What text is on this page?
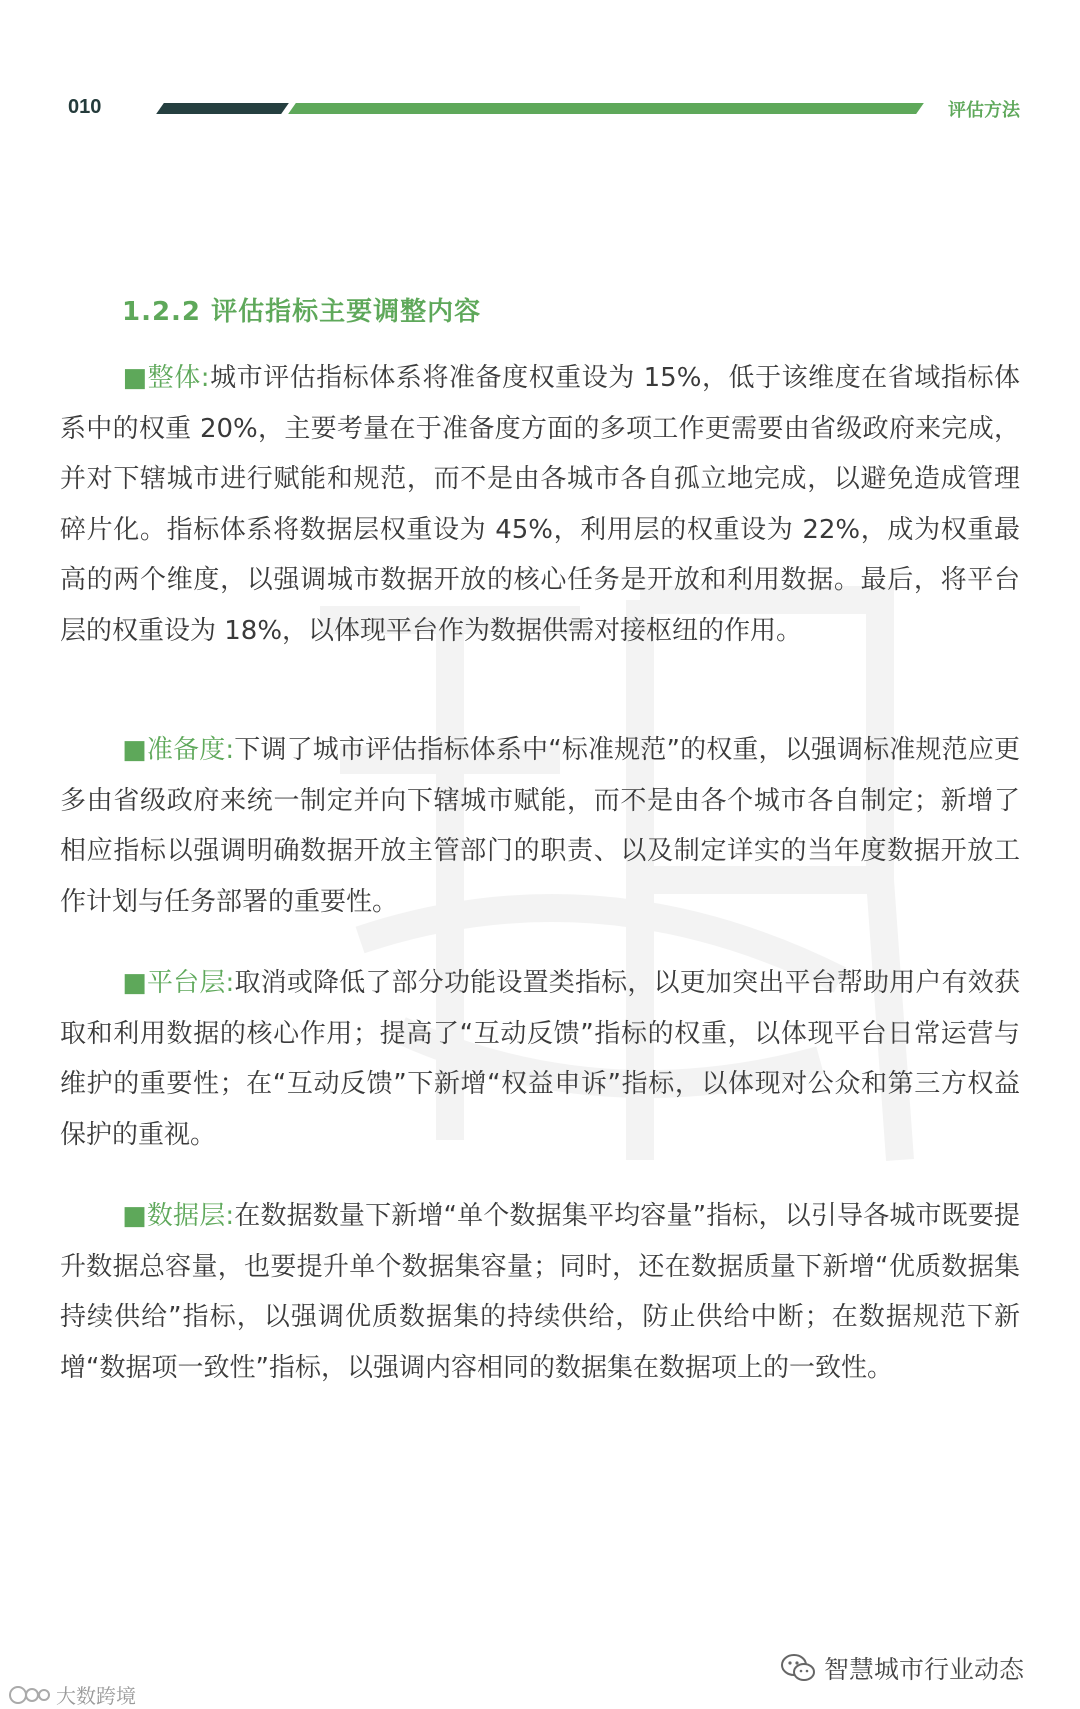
010	评估方法
1.2.2 评估指标主要调整内容

■整体:城市评估指标体系将准备度权重设为 15%，低于该维度在省域指标体系中的权重 20%，主要考量在于准备度方面的多项工作更需要由省级政府来完成，并对下辖城市进行赋能和规范，而不是由各城市各自孤立地完成，以避免造成管理碎片化。指标体系将数据层权重设为 45%，利用层的权重设为 22%，成为权重最高的两个维度，以强调城市数据开放的核心任务是开放和利用数据。最后，将平台层的权重设为 18%，以体现平台作为数据供需对接枢纽的作用。

■准备度:下调了城市评估指标体系中“标准规范”的权重，以强调标准规范应更多由省级政府来统一制定并向下辖城市赋能，而不是由各个城市各自制定；新增了相应指标以强调明确数据开放主管部门的职责、以及制定详实的当年度数据开放工作计划与任务部署的重要性。

■平台层:取消或降低了部分功能设置类指标，以更加突出平台帮助用户有效获取和利用数据的核心作用；提高了“互动反馈”指标的权重，以体现平台日常运营与维护的重要性；在“互动反馈”下新增“权益申诉”指标，以体现对公众和第三方权益保护的重视。

■数据层:在数据数量下新增“单个数据集平均容量”指标，以引导各城市既要提升数据总容量，也要提升单个数据集容量；同时，还在数据质量下新增“优质数据集持续供给”指标，以强调优质数据集的持续供给，防止供给中断；在数据规范下新增“数据项一致性”指标，以强调内容相同的数据集在数据项上的一致性。

智慧城市行业动态
大数跨境
